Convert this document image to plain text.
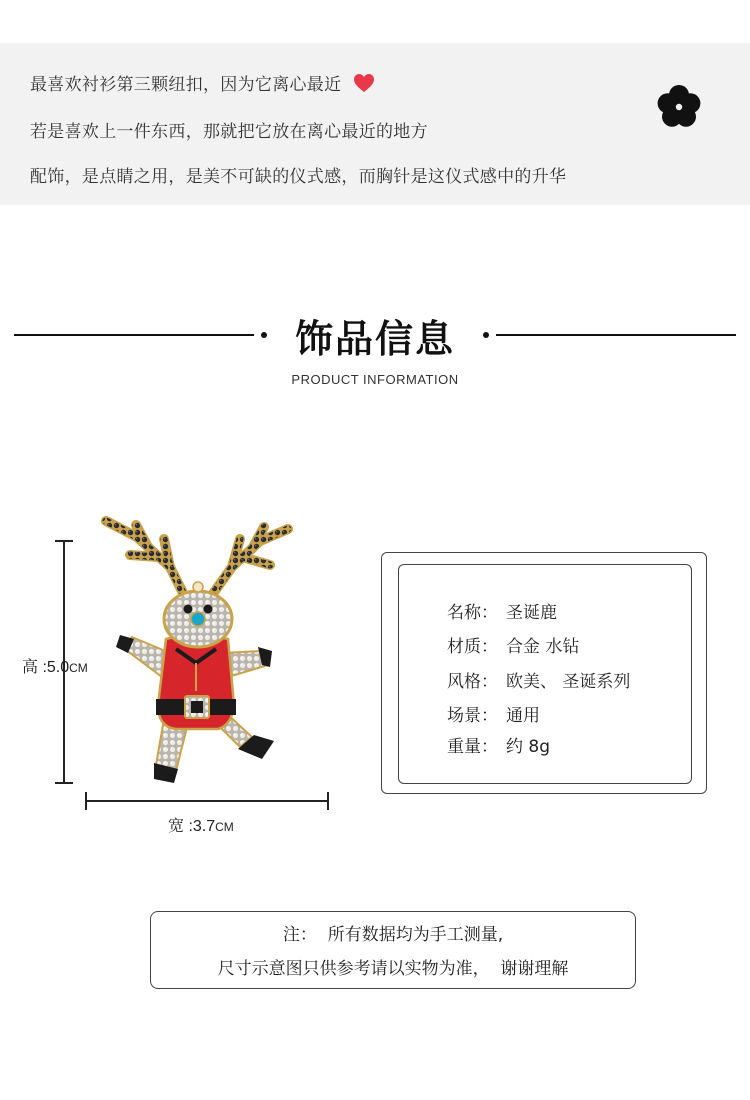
最喜欢衬衫第三颗纽扣，因为它离心最近
若是喜欢上一件东西，那就把它放在离心最近的地方
配饰，是点睛之用，是美不可缺的仪式感，而胸针是这仪式感中的升华
饰品信息
PRODUCT INFORMATION
高 :5.0CM
宽 :3.7CM
名称： 圣诞鹿
材质： 合金 水钻
风格： 欧美、 圣诞系列
场景： 通用
重量： 约 8g
注：  所有数据均为手工测量,
尺寸示意图只供参考请以实物为准，  谢谢理解
